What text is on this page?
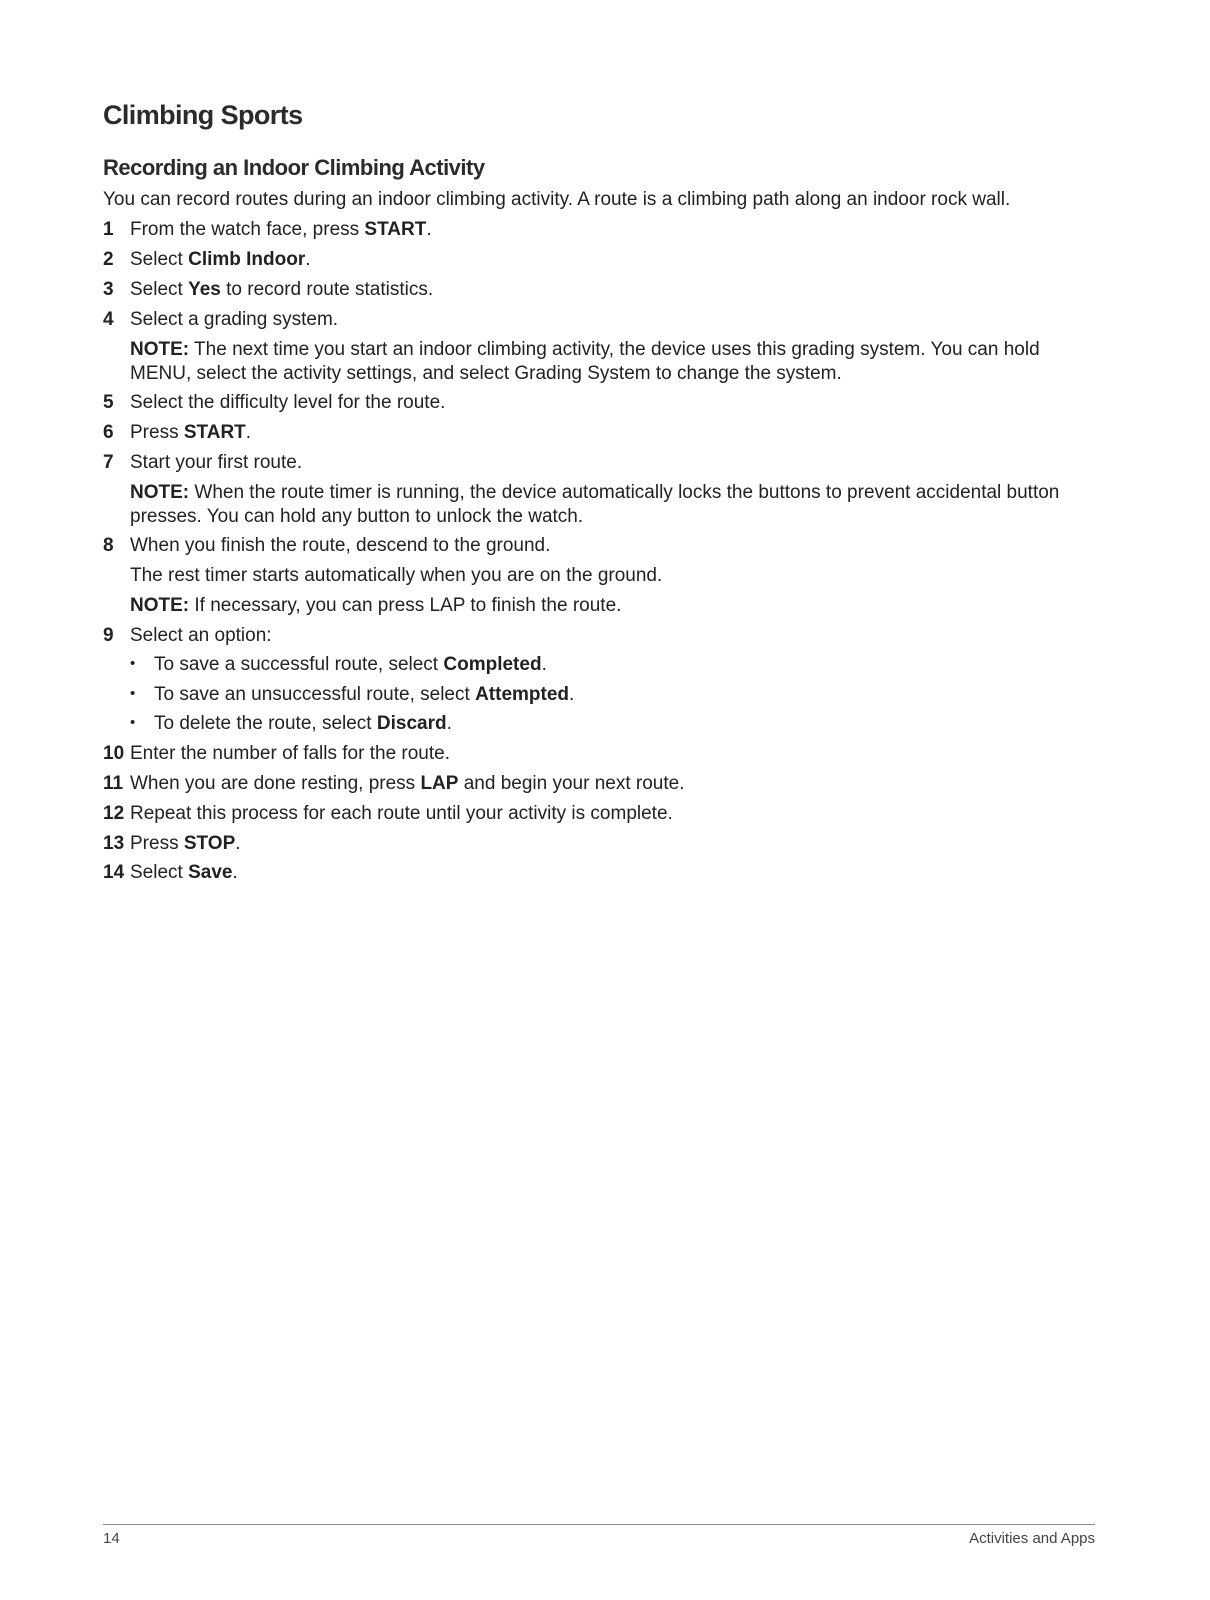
Climbing Sports
Recording an Indoor Climbing Activity

You can record routes during an indoor climbing activity. A route is a climbing path along an indoor rock wall.

1 From the watch face, press START.
2 Select Climb Indoor.
3 Select Yes to record route statistics.
4 Select a grading system.
NOTE: The next time you start an indoor climbing activity, the device uses this grading system. You can hold MENU, select the activity settings, and select Grading System to change the system.
5 Select the difficulty level for the route.
6 Press START.
7 Start your first route.
NOTE: When the route timer is running, the device automatically locks the buttons to prevent accidental button presses. You can hold any button to unlock the watch.
8 When you finish the route, descend to the ground.
The rest timer starts automatically when you are on the ground.
NOTE: If necessary, you can press LAP to finish the route.
9 Select an option:
• To save a successful route, select Completed.
• To save an unsuccessful route, select Attempted.
• To delete the route, select Discard.
10 Enter the number of falls for the route.
11 When you are done resting, press LAP and begin your next route.
12 Repeat this process for each route until your activity is complete.
13 Press STOP.
14 Select Save.
14	Activities and Apps
